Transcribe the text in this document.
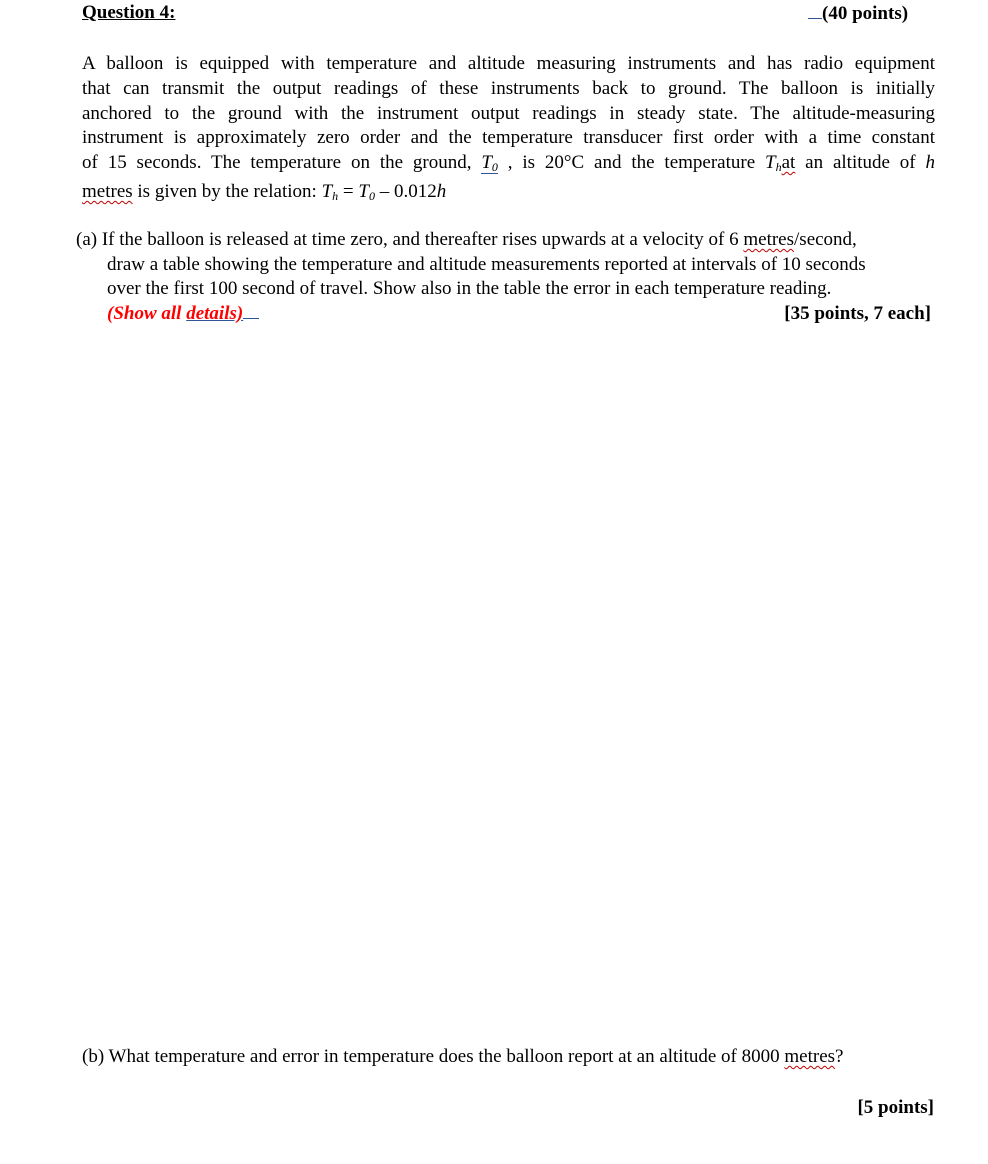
Question 4:	(40 points)
A balloon is equipped with temperature and altitude measuring instruments and has radio equipment
that can transmit the output readings of these instruments back to ground. The balloon is initially
anchored to the ground with the instrument output readings in steady state. The altitude-measuring
instrument is approximately zero order and the temperature transducer first order with a time constant
of 15 seconds. The temperature on the ground, $T_0$ , is 20°C and the temperature $T_hat$ an altitude of h
metres is given by the relation: $T_h = T_0 - 0.012h$
(a) If the balloon is released at time zero, and thereafter rises upwards at a velocity of 6 metres/second,
draw a table showing the temperature and altitude measurements reported at intervals of 10 seconds
over the first 100 second of travel. Show also in the table the error in each temperature reading.
(Show all details)	[35 points, 7 each]
(b) What temperature and error in temperature does the balloon report at an altitude of 8000 metres?
[5 points]
